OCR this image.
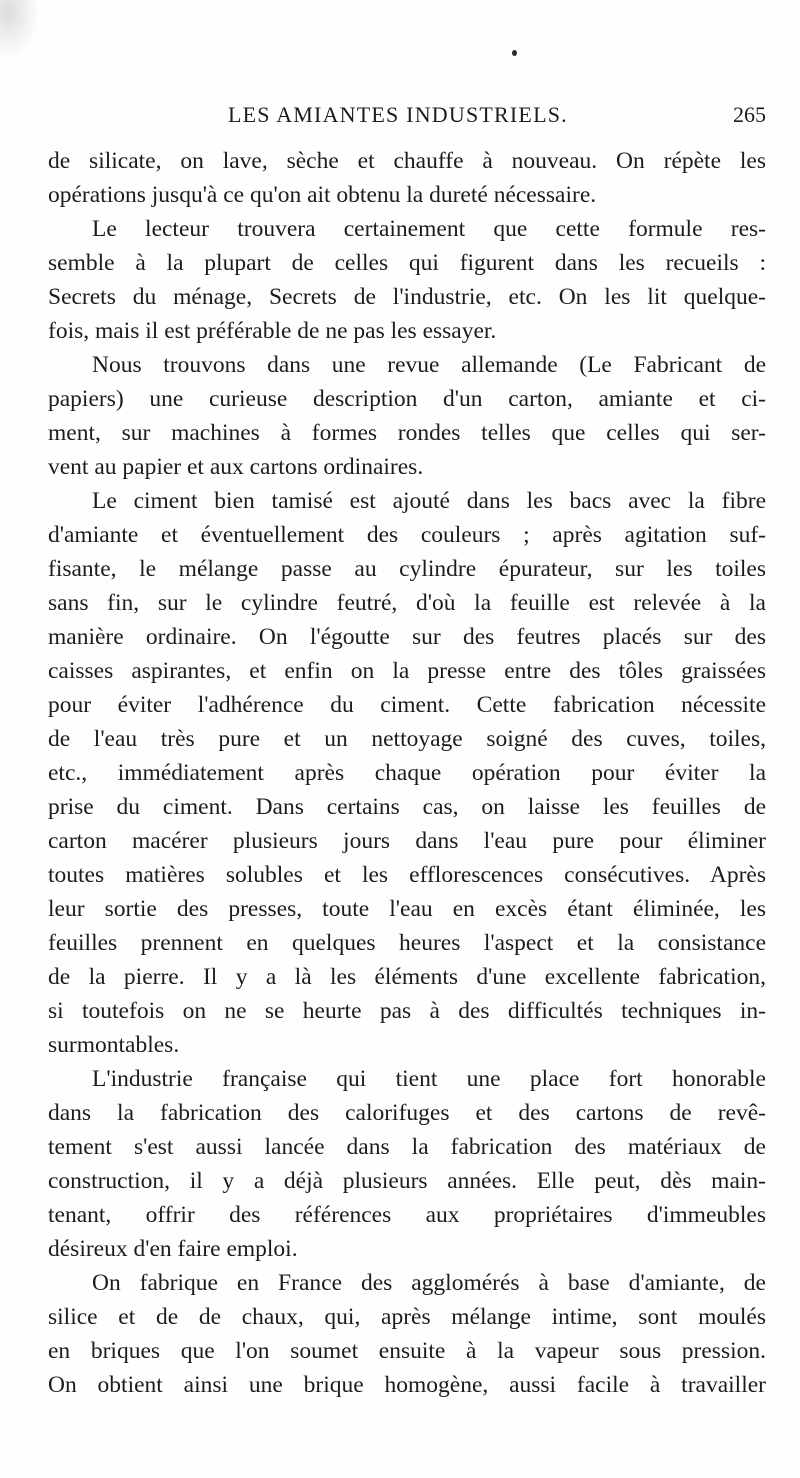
LES AMIANTES INDUSTRIELS.	265
de silicate, on lave, sèche et chauffe à nouveau. On répète les
opérations jusqu'à ce qu'on ait obtenu la dureté nécessaire.
Le lecteur trouvera certainement que cette formule res-
semble à la plupart de celles qui figurent dans les recueils :
Secrets du ménage, Secrets de l'industrie, etc. On les lit quelque-
fois, mais il est préférable de ne pas les essayer.
Nous trouvons dans une revue allemande (Le Fabricant de
papiers) une curieuse description d'un carton, amiante et ci-
ment, sur machines à formes rondes telles que celles qui ser-
vent au papier et aux cartons ordinaires.
Le ciment bien tamisé est ajouté dans les bacs avec la fibre
d'amiante et éventuellement des couleurs ; après agitation suf-
fisante, le mélange passe au cylindre épurateur, sur les toiles
sans fin, sur le cylindre feutré, d'où la feuille est relevée à la
manière ordinaire. On l'égoutte sur des feutres placés sur des
caisses aspirantes, et enfin on la presse entre des tôles graissées
pour éviter l'adhérence du ciment. Cette fabrication nécessite
de l'eau très pure et un nettoyage soigné des cuves, toiles,
etc., immédiatement après chaque opération pour éviter la
prise du ciment. Dans certains cas, on laisse les feuilles de
carton macérer plusieurs jours dans l'eau pure pour éliminer
toutes matières solubles et les efflorescences consécutives. Après
leur sortie des presses, toute l'eau en excès étant éliminée, les
feuilles prennent en quelques heures l'aspect et la consistance
de la pierre. Il y a là les éléments d'une excellente fabrication,
si toutefois on ne se heurte pas à des difficultés techniques in-
surmontables.
L'industrie française qui tient une place fort honorable
dans la fabrication des calorifuges et des cartons de revê-
tement s'est aussi lancée dans la fabrication des matériaux de
construction, il y a déjà plusieurs années. Elle peut, dès main-
tenant, offrir des références aux propriétaires d'immeubles
désireux d'en faire emploi.
On fabrique en France des agglomérés à base d'amiante, de
silice et de de chaux, qui, après mélange intime, sont moulés
en briques que l'on soumet ensuite à la vapeur sous pression.
On obtient ainsi une brique homogène, aussi facile à travailler
